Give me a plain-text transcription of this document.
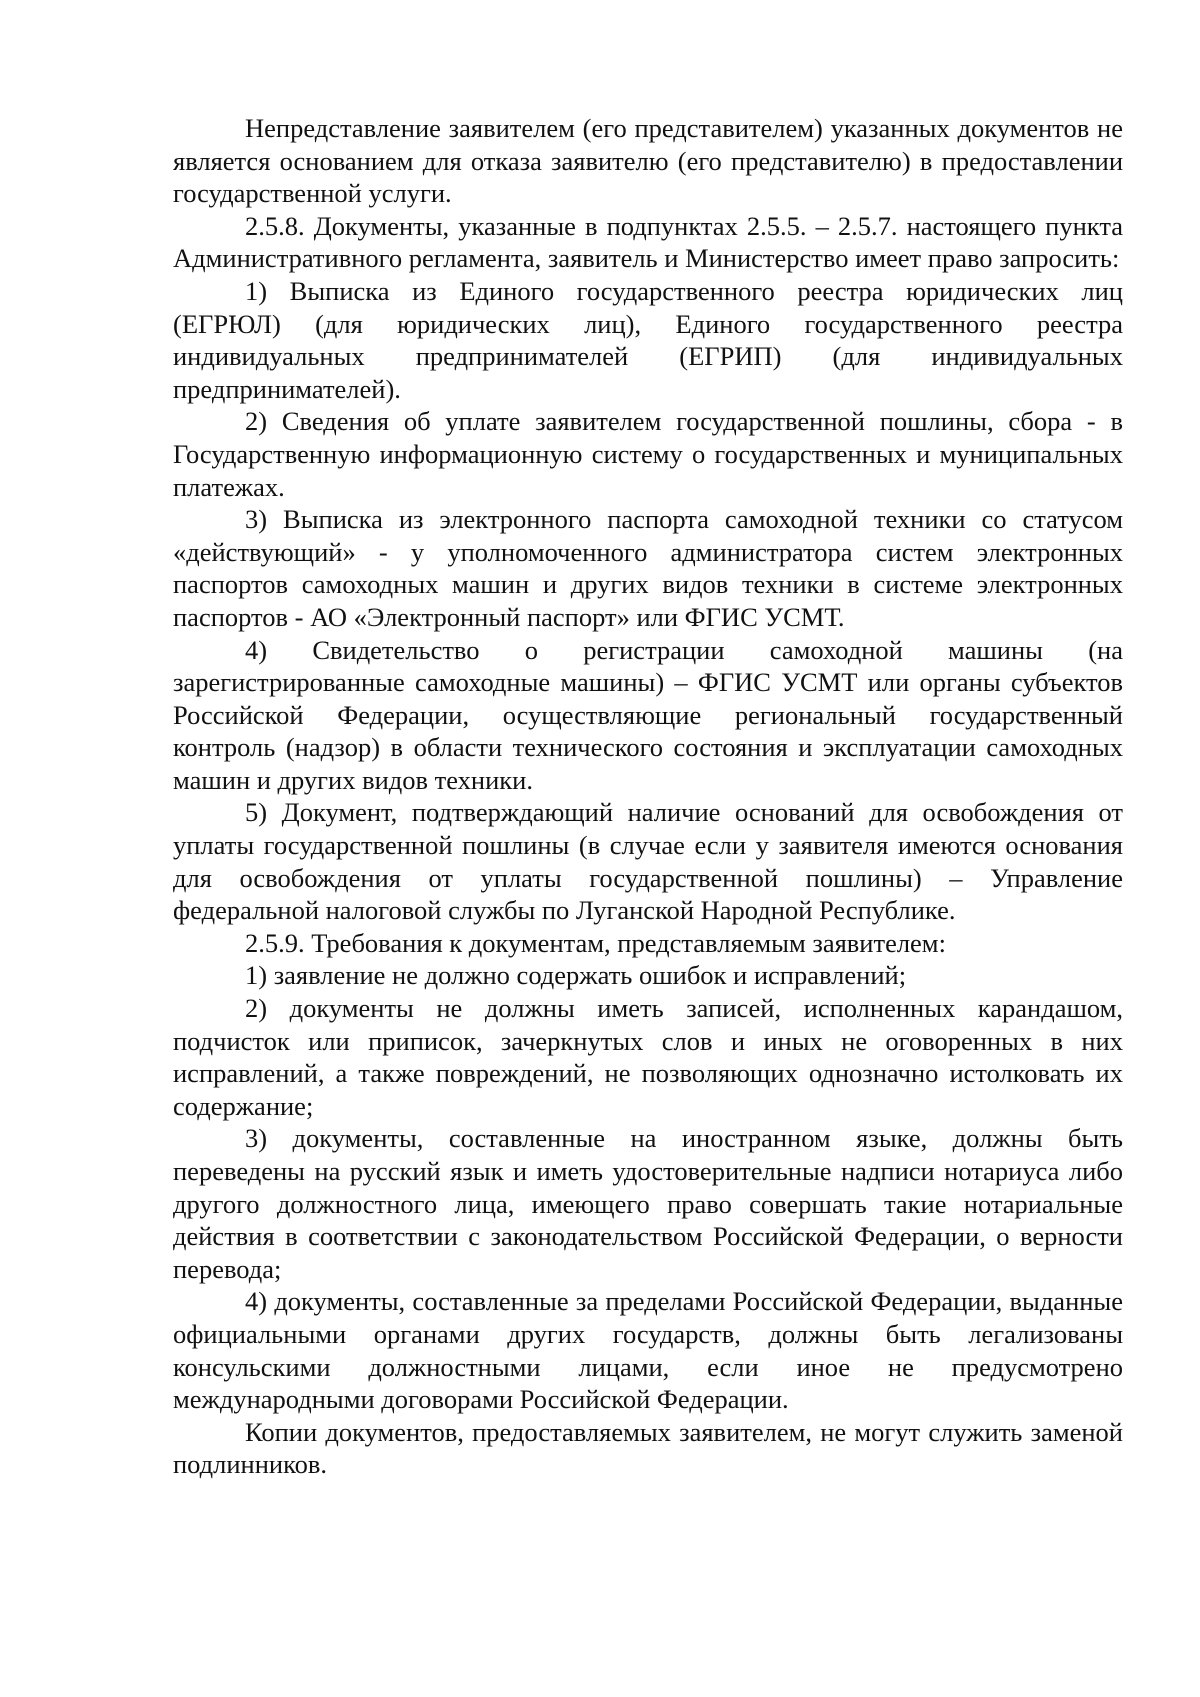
Непредставление заявителем (его представителем) указанных документов не является основанием для отказа заявителю (его представителю) в предоставлении государственной услуги.

2.5.8. Документы, указанные в подпунктах 2.5.5. – 2.5.7. настоящего пункта Административного регламента, заявитель и Министерство имеет право запросить:

1) Выписка из Единого государственного реестра юридических лиц (ЕГРЮЛ) (для юридических лиц), Единого государственного реестра индивидуальных предпринимателей (ЕГРИП) (для индивидуальных предпринимателей).

2) Сведения об уплате заявителем государственной пошлины, сбора - в Государственную информационную систему о государственных и муниципальных платежах.

3) Выписка из электронного паспорта самоходной техники со статусом «действующий» - у уполномоченного администратора систем электронных паспортов самоходных машин и других видов техники в системе электронных паспортов - АО «Электронный паспорт» или ФГИС УСМТ.

4) Свидетельство о регистрации самоходной машины (на зарегистрированные самоходные машины) – ФГИС УСМТ или органы субъектов Российской Федерации, осуществляющие региональный государственный контроль (надзор) в области технического состояния и эксплуатации самоходных машин и других видов техники.

5) Документ, подтверждающий наличие оснований для освобождения от уплаты государственной пошлины (в случае если у заявителя имеются основания для освобождения от уплаты государственной пошлины) – Управление федеральной налоговой службы по Луганской Народной Республике.

2.5.9. Требования к документам, представляемым заявителем:

1) заявление не должно содержать ошибок и исправлений;

2) документы не должны иметь записей, исполненных карандашом, подчисток или приписок, зачеркнутых слов и иных не оговоренных в них исправлений, а также повреждений, не позволяющих однозначно истолковать их содержание;

3) документы, составленные на иностранном языке, должны быть переведены на русский язык и иметь удостоверительные надписи нотариуса либо другого должностного лица, имеющего право совершать такие нотариальные действия в соответствии с законодательством Российской Федерации, о верности перевода;

4) документы, составленные за пределами Российской Федерации, выданные официальными органами других государств, должны быть легализованы консульскими должностными лицами, если иное не предусмотрено международными договорами Российской Федерации.

Копии документов, предоставляемых заявителем, не могут служить заменой подлинников.
